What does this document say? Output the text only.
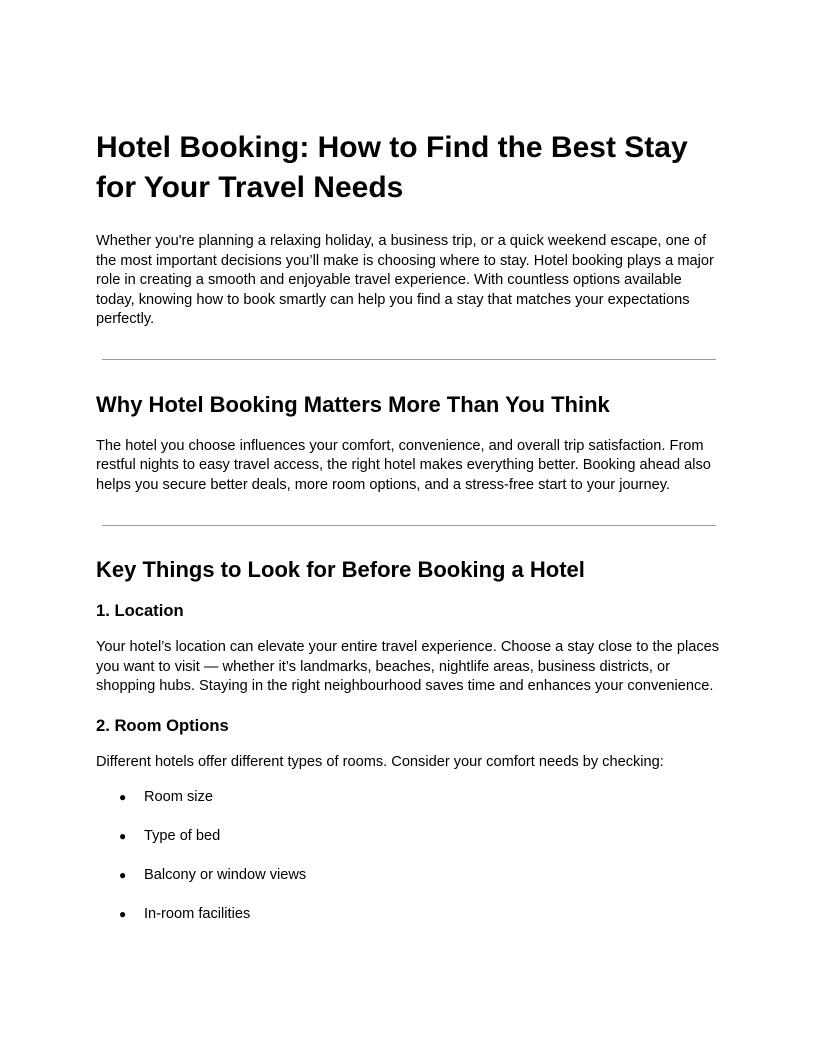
Hotel Booking: How to Find the Best Stay for Your Travel Needs

Whether you're planning a relaxing holiday, a business trip, or a quick weekend escape, one of the most important decisions you’ll make is choosing where to stay. Hotel booking plays a major role in creating a smooth and enjoyable travel experience. With countless options available today, knowing how to book smartly can help you find a stay that matches your expectations perfectly.

Why Hotel Booking Matters More Than You Think

The hotel you choose influences your comfort, convenience, and overall trip satisfaction. From restful nights to easy travel access, the right hotel makes everything better. Booking ahead also helps you secure better deals, more room options, and a stress-free start to your journey.

Key Things to Look for Before Booking a Hotel
1. Location

Your hotel’s location can elevate your entire travel experience. Choose a stay close to the places you want to visit — whether it’s landmarks, beaches, nightlife areas, business districts, or shopping hubs. Staying in the right neighbourhood saves time and enhances your convenience.

2. Room Options

Different hotels offer different types of rooms. Consider your comfort needs by checking:

● Room size
● Type of bed
● Balcony or window views
● In-room facilities
